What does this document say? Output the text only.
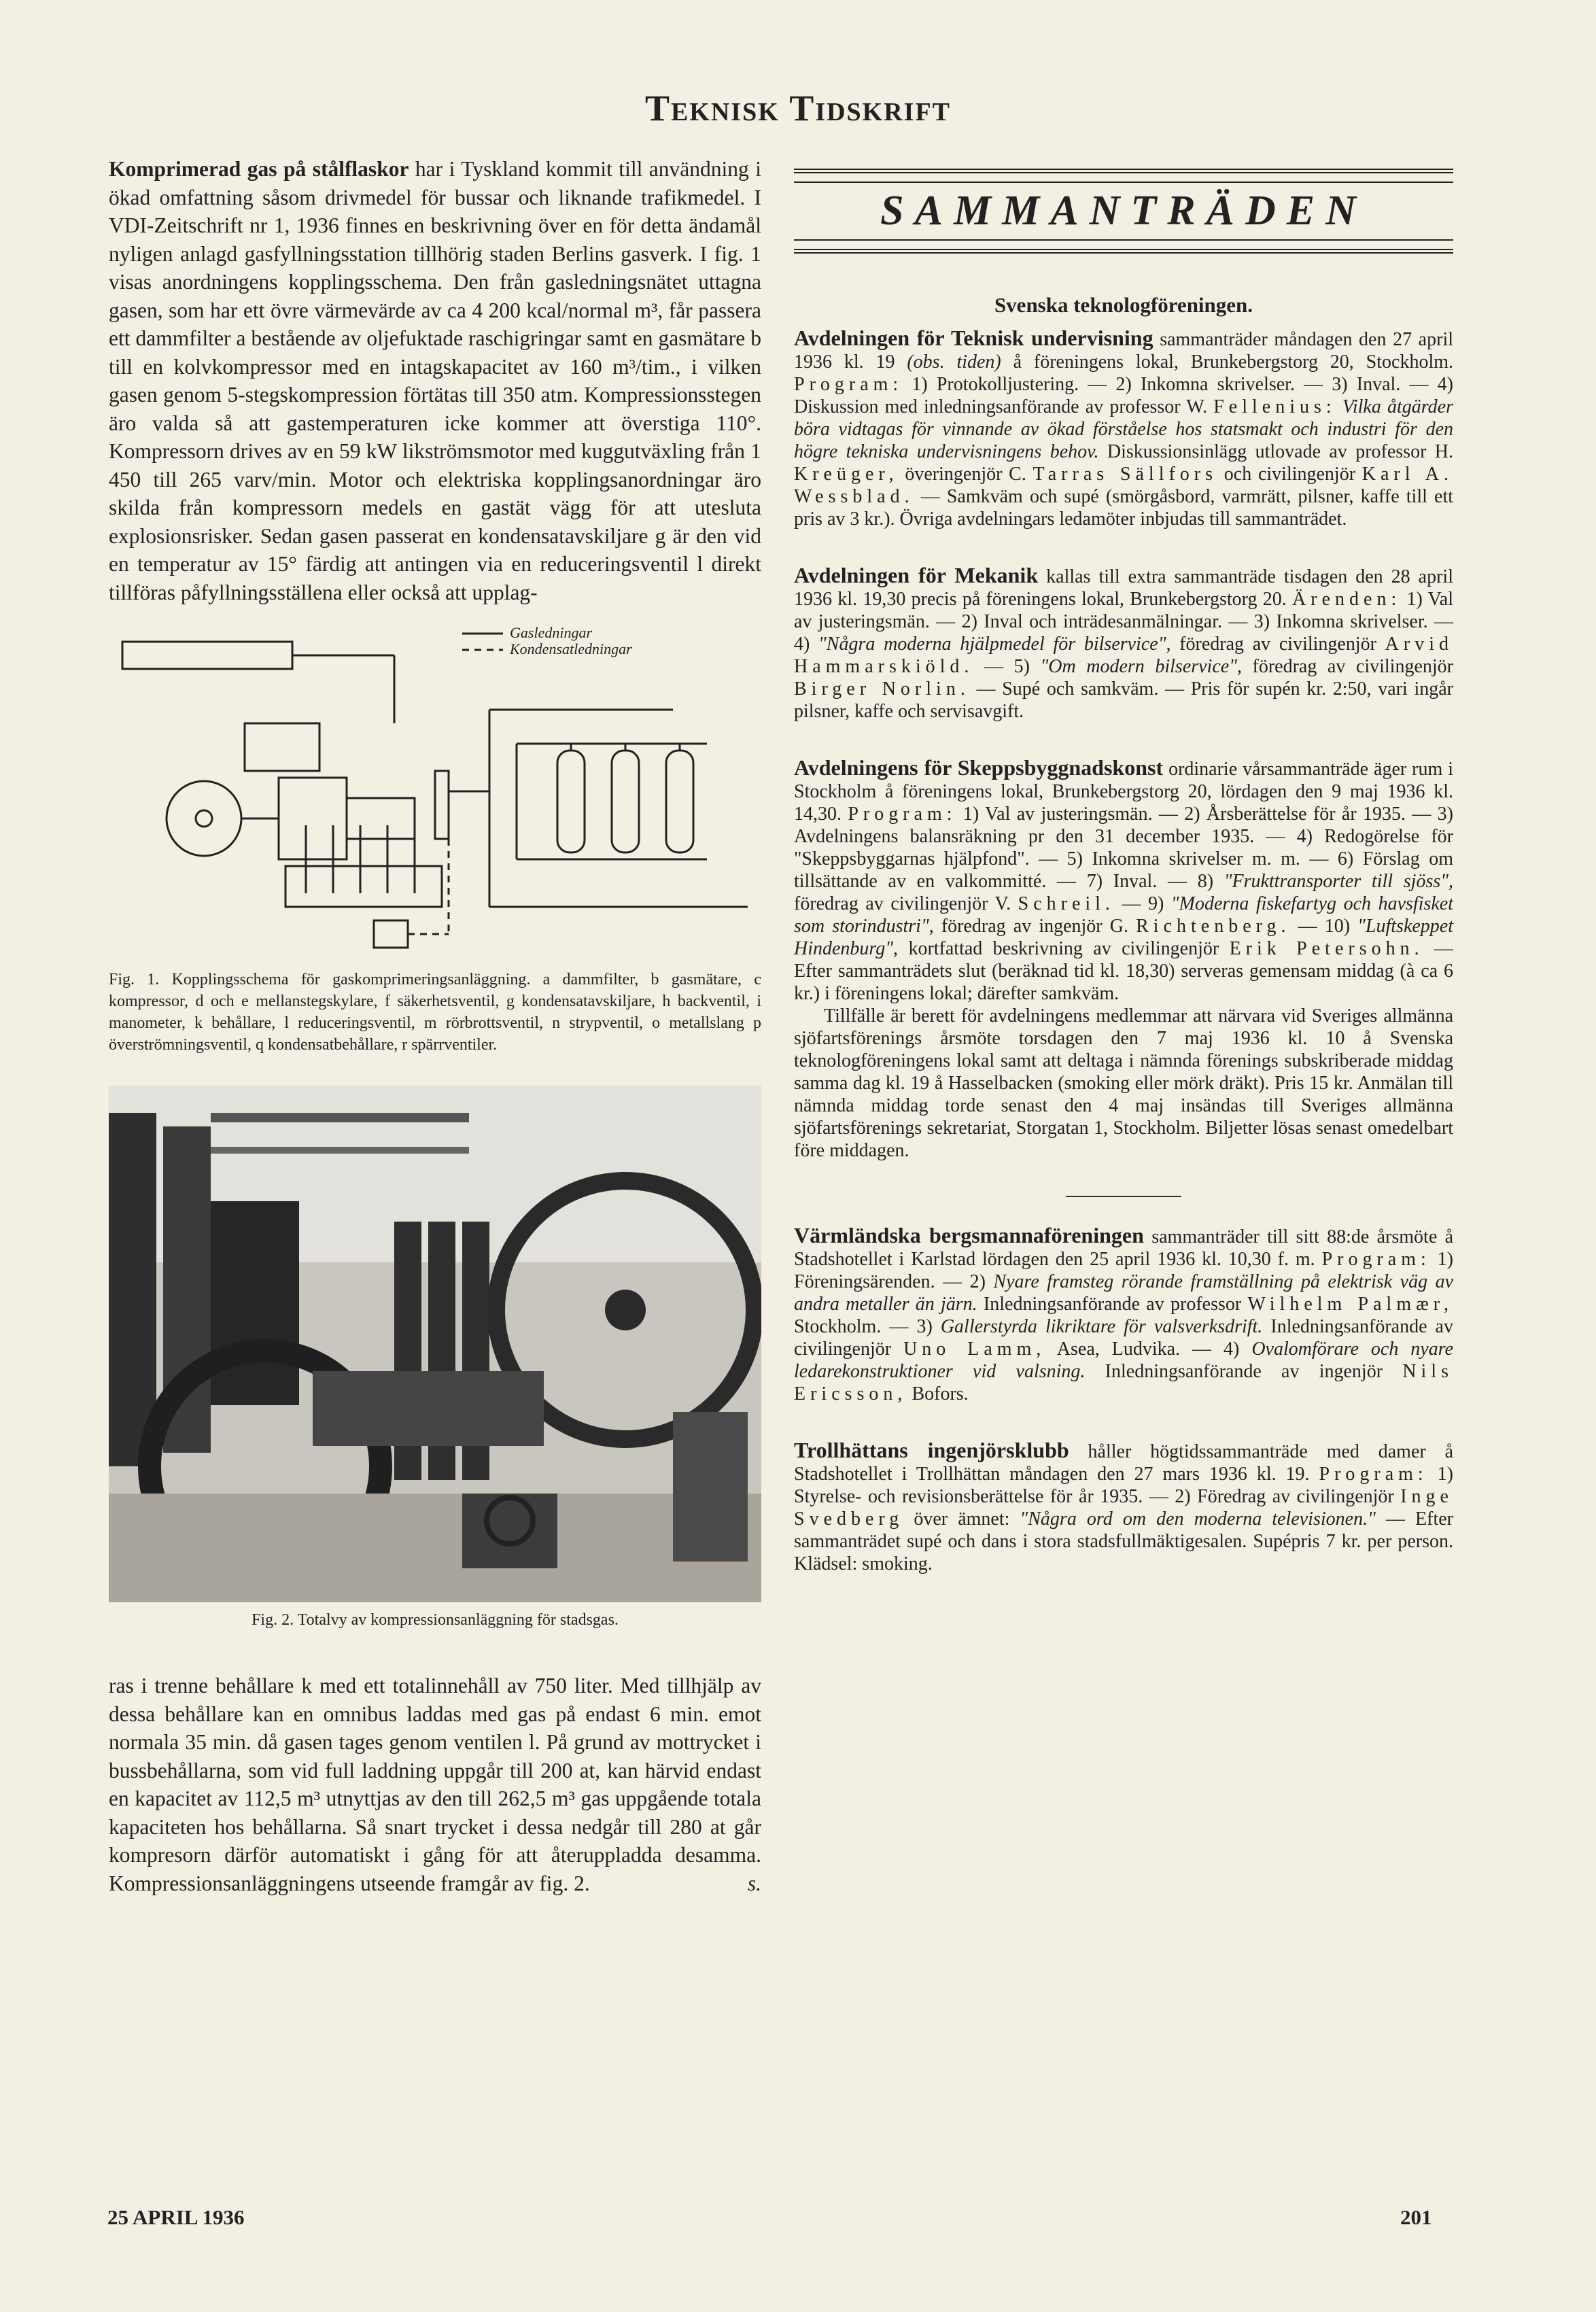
Teknisk Tidskrift

Komprimerad gas på stålflaskor har i Tyskland kommit till användning i ökad omfattning såsom drivmedel för bussar och liknande trafikmedel. I VDI-Zeitschrift nr 1, 1936 finnes en beskrivning över en för detta ändamål nyligen anlagd gasfyllningsstation tillhörig staden Berlins gasverk. I fig. 1 visas anordningens kopplingsschema. Den från gasledningsnätet uttagna gasen, som har ett övre värmevärde av ca 4 200 kcal/normal m³, får passera ett dammfilter a bestående av oljefuktade raschigringar samt en gasmätare b till en kolvkompressor med en intagskapacitet av 160 m³/tim., i vilken gasen genom 5-stegskompression förtätas till 350 atm. Kompressionsstegen äro valda så att gastemperaturen icke kommer att överstiga 110°. Kompressorn drives av en 59 kW likströmsmotor med kuggutväxling från 1 450 till 265 varv/min. Motor och elektriska kopplingsanordningar äro skilda från kompressorn medels en gastät vägg för att utesluta explosionsrisker. Sedan gasen passerat en kondensatavskiljare g är den vid en temperatur av 15° färdig att antingen via en reduceringsventil l direkt tillföras påfyllningsställena eller också att upplag-

Gasledningar
Kondensatledningar

Fig. 1. Kopplingsschema för gaskomprimeringsanläggning. a dammfilter, b gasmätare, c kompressor, d och e mellanstegskylare, f säkerhetsventil, g kondensatavskiljare, h backventil, i manometer, k behållare, l reduceringsventil, m rörbrottsventil, n strypventil, o metallslang p överströmningsventil, q kondensatbehållare, r spärrventiler.

Fig. 2. Totalvy av kompressionsanläggning för stadsgas.

ras i trenne behållare k med ett totalinnehåll av 750 liter. Med tillhjälp av dessa behållare kan en omnibus laddas med gas på endast 6 min. emot normala 35 min. då gasen tages genom ventilen l. På grund av mottrycket i bussbehållarna, som vid full laddning uppgår till 200 at, kan härvid endast en kapacitet av 112,5 m³ utnyttjas av den till 262,5 m³ gas uppgående totala kapaciteten hos behållarna. Så snart trycket i dessa nedgår till 280 at går kompresorn därför automatiskt i gång för att återuppladda desamma. Kompressionsanläggningens utseende framgår av fig. 2.	s.

SAMMANTRÄDEN
Svenska teknologföreningen.

Avdelningen för Teknisk undervisning sammanträder måndagen den 27 april 1936 kl. 19 (obs. tiden) å föreningens lokal, Brunkebergstorg 20, Stockholm. Program: 1) Protokolljustering. — 2) Inkomna skrivelser. — 3) Inval. — 4) Diskussion med inledningsanförande av professor W. Fellenius: Vilka åtgärder böra vidtagas för vinnande av ökad förståelse hos statsmakt och industri för den högre tekniska undervisningens behov. Diskussionsinlägg utlovade av professor H. Kreüger, överingenjör C. Tarras Sällfors och civilingenjör Karl A. Wessblad. — Samkväm och supé (smörgåsbord, varmrätt, pilsner, kaffe till ett pris av 3 kr.). Övriga avdelningars ledamöter inbjudas till sammanträdet.

Avdelningen för Mekanik kallas till extra sammanträde tisdagen den 28 april 1936 kl. 19,30 precis på föreningens lokal, Brunkebergstorg 20. Ärenden: 1) Val av justeringsmän. — 2) Inval och inträdesanmälningar. — 3) Inkomna skrivelser. — 4) "Några moderna hjälpmedel för bilservice", föredrag av civilingenjör Arvid Hammarskiöld. — 5) "Om modern bilservice", föredrag av civilingenjör Birger Norlin. — Supé och samkväm. — Pris för supén kr. 2:50, vari ingår pilsner, kaffe och servisavgift.

Avdelningens för Skeppsbyggnadskonst ordinarie vårsammanträde äger rum i Stockholm å föreningens lokal, Brunkebergstorg 20, lördagen den 9 maj 1936 kl. 14,30. Program: 1) Val av justeringsmän. — 2) Årsberättelse för år 1935. — 3) Avdelningens balansräkning pr den 31 december 1935. — 4) Redogörelse för "Skeppsbyggarnas hjälpfond". — 5) Inkomna skrivelser m. m. — 6) Förslag om tillsättande av en valkommitté. — 7) Inval. — 8) "Frukttransporter till sjöss", föredrag av civilingenjör V. Schreil. — 9) "Moderna fiskefartyg och havsfisket som storindustri", föredrag av ingenjör G. Richtenberg. — 10) "Luftskeppet Hindenburg", kortfattad beskrivning av civilingenjör Erik Petersohn. — Efter sammanträdets slut (beräknad tid kl. 18,30) serveras gemensam middag (à ca 6 kr.) i föreningens lokal; därefter samkväm.

Tillfälle är berett för avdelningens medlemmar att närvara vid Sveriges allmänna sjöfartsförenings årsmöte torsdagen den 7 maj 1936 kl. 10 å Svenska teknologföreningens lokal samt att deltaga i nämnda förenings subskriberade middag samma dag kl. 19 å Hasselbacken (smoking eller mörk dräkt). Pris 15 kr. Anmälan till nämnda middag torde senast den 4 maj insändas till Sveriges allmänna sjöfartsförenings sekretariat, Storgatan 1, Stockholm. Biljetter lösas senast omedelbart före middagen.

Värmländska bergsmannaföreningen sammanträder till sitt 88:de årsmöte å Stadshotellet i Karlstad lördagen den 25 april 1936 kl. 10,30 f. m. Program: 1) Föreningsärenden. — 2) Nyare framsteg rörande framställning på elektrisk väg av andra metaller än järn. Inledningsanförande av professor Wilhelm Palmær, Stockholm. — 3) Gallerstyrda likriktare för valsverksdrift. Inledningsanförande av civilingenjör Uno Lamm, Asea, Ludvika. — 4) Ovalomförare och nyare ledarekonstruktioner vid valsning. Inledningsanförande av ingenjör Nils Ericsson, Bofors.

Trollhättans ingenjörsklubb håller högtidssammanträde med damer å Stadshotellet i Trollhättan måndagen den 27 mars 1936 kl. 19. Program: 1) Styrelse- och revisionsberättelse för år 1935. — 2) Föredrag av civilingenjör Inge Svedberg över ämnet: "Några ord om den moderna televisionen." — Efter sammanträdet supé och dans i stora stadsfullmäktigesalen. Supépris 7 kr. per person. Klädsel: smoking.

25 APRIL 1936	201
